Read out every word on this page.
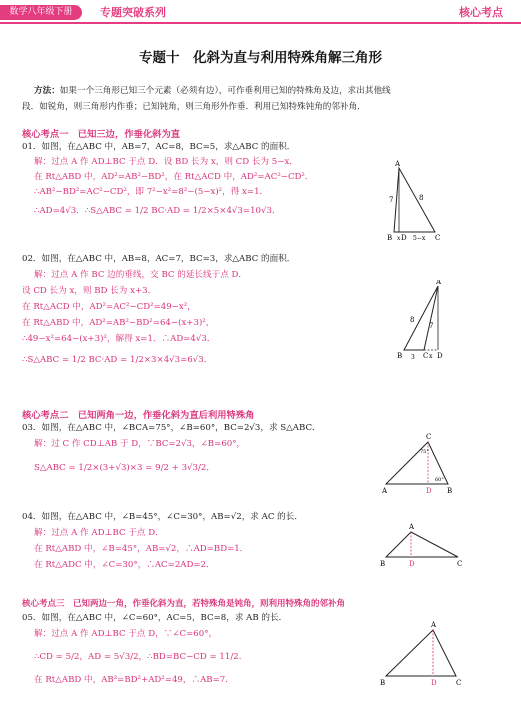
数学八年级下册	专题突破系列	核心考点
专题十　化斜为直与利用特殊角解三角形
方法：如果一个三角形已知三个元素（必须有边），可作垂利用已知的特殊角及边，求出其他线
段．如锐角，则三角形内作垂；已知钝角，则三角形外作垂．利用已知特殊钝角的邻补角．
核心考点一　已知三边，作垂化斜为直
01．如图，在△ABC 中，AB=7，AC=8，BC=5，求△ABC 的面积．
解：过点 A 作 AD⊥BC 于点 D．设 BD 长为 x，则 CD 长为 5−x．
在 Rt△ABD 中，AD²=AB²−BD²，在 Rt△ACD 中，AD²=AC²−CD²．
∴AB²−BD²=AC²−CD²，即 7²−x²=8²−(5−x)²，得 x=1．
∴AD=4√3．∴S△ABC = 1/2 BC·AD = 1/2×5×4√3=10√3．
A
B x D 5−x C
7	8
02．如图，在△ABC 中，AB=8，AC=7，BC=3，求△ABC 的面积．
解：过点 A 作 BC 边的垂线，交 BC 的延长线于点 D．
设 CD 长为 x，则 BD 长为 x+3．
在 Rt△ACD 中，AD²=AC²−CD²=49−x²，
在 Rt△ABD 中，AD²=AB²−BD²=64−(x+3)²，
∴49−x²=64−(x+3)²，解得 x=1．∴AD=4√3．
∴S△ABC = 1/2 BC·AD = 1/2×3×4√3=6√3．
A
B 3 C x D
8
7
核心考点二　已知两角一边，作垂化斜为直后利用特殊角
03．如图，在△ABC 中，∠BCA=75°，∠B=60°，BC=2√3，求 S△ABC．
解：过 C 作 CD⊥AB 于 D，∵BC=2√3，∠B=60°，
S△ABC = 1/2×(3+√3)×3 = 9/2 + 3√3/2．
C
A	D B
75°
60°
04．如图，在△ABC 中，∠B=45°，∠C=30°，AB=√2，求 AC 的长．
解：过点 A 作 AD⊥BC 于点 D．
在 Rt△ABD 中，∠B=45°，AB=√2，∴AD=BD=1．
在 Rt△ADC 中，∠C=30°，∴AC=2AD=2．
A
B	D	C
核心考点三　已知两边一角，作垂化斜为直，若特殊角是钝角，则利用特殊角的邻补角
05．如图，在△ABC 中，∠C=60°，AC=5，BC=8，求 AB 的长．
解：过点 A 作 AD⊥BC 于点 D，∵∠C=60°，
∴CD = 5/2，AD = 5√3/2，∴BD=BC−CD = 11/2．
在 Rt△ABD 中，AB²=BD²+AD²=49，∴AB=7．
A
B	D	C
